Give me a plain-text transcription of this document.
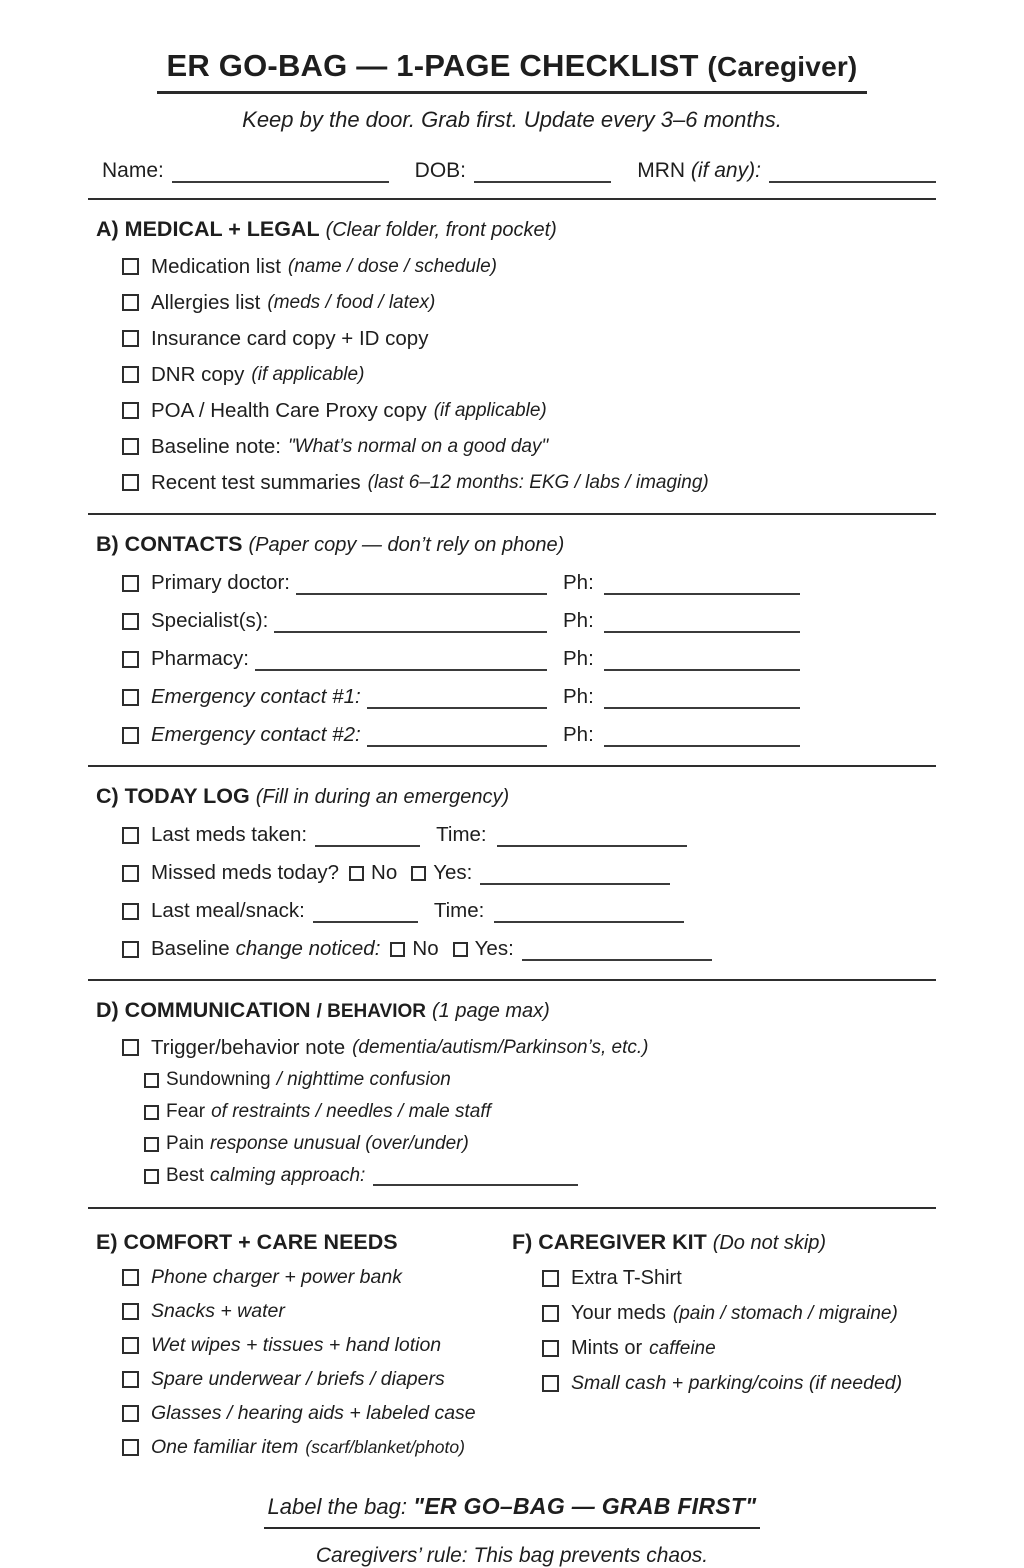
ER GO-BAG — 1-PAGE CHECKLIST (Caregiver)
Keep by the door. Grab first. Update every 3–6 months.
Name:	DOB:	MRN (if any):
A) MEDICAL + LEGAL (Clear folder, front pocket)
Medication list (name / dose / schedule)
Allergies list (meds / food / latex)
Insurance card copy + ID copy
DNR copy (if applicable)
POA / Health Care Proxy copy (if applicable)
Baseline note: "What’s normal on a good day"
Recent test summaries (last 6–12 months: EKG / labs / imaging)
B) CONTACTS (Paper copy — don’t rely on phone)
Primary doctor:	Ph:
Specialist(s):	Ph:
Pharmacy:	Ph:
Emergency contact #1:	Ph:
Emergency contact #2:	Ph:
C) TODAY LOG (Fill in during an emergency)
Last meds taken:	Time:
Missed meds today? No Yes:
Last meal/snack:	Time:
Baseline change noticed: No Yes:
D) COMMUNICATION / BEHAVIOR (1 page max)
Trigger/behavior note (dementia/autism/Parkinson’s, etc.)
Sundowning / nighttime confusion
Fear of restraints / needles / male staff
Pain response unusual (over/under)
Best calming approach:
E) COMFORT + CARE NEEDS
Phone charger + power bank
Snacks + water
Wet wipes + tissues + hand lotion
Spare underwear / briefs / diapers
Glasses / hearing aids + labeled case
One familiar item (scarf/blanket/photo)
F) CAREGIVER KIT (Do not skip)
Extra T-Shirt
Your meds (pain / stomach / migraine)
Mints or caffeine
Small cash + parking/coins (if needed)
Label the bag: "ER GO–BAG — GRAB FIRST"
Caregivers’ rule: This bag prevents chaos.
